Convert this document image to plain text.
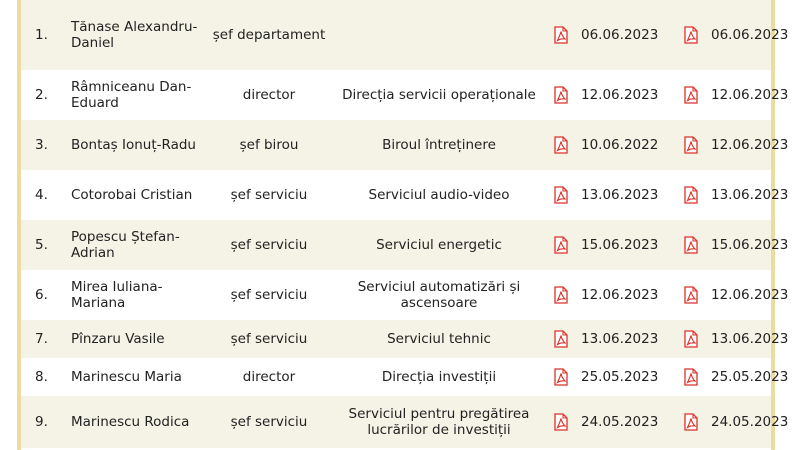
1.	Tănase Alexandru-Daniel	șef departament			06.06.2023		06.06.2023
2.	Râmniceanu Dan-Eduard	director	Direcția servicii operaționale		12.06.2023		12.06.2023
3.	Bontaș Ionuț-Radu	șef birou	Biroul întreținere		10.06.2022		12.06.2023
4.	Cotorobai Cristian	șef serviciu	Serviciul audio-video		13.06.2023		13.06.2023
5.	Popescu Ștefan-Adrian	șef serviciu	Serviciul energetic		15.06.2023		15.06.2023
6.	Mirea Iuliana-Mariana	șef serviciu	Serviciul automatizări și ascensoare		12.06.2023		12.06.2023
7.	Pînzaru Vasile	șef serviciu	Serviciul tehnic		13.06.2023		13.06.2023
8.	Marinescu Maria	director	Direcția investiții		25.05.2023		25.05.2023
9.	Marinescu Rodica	șef serviciu	Serviciul pentru pregătirea lucrărilor de investiții		24.05.2023		24.05.2023
